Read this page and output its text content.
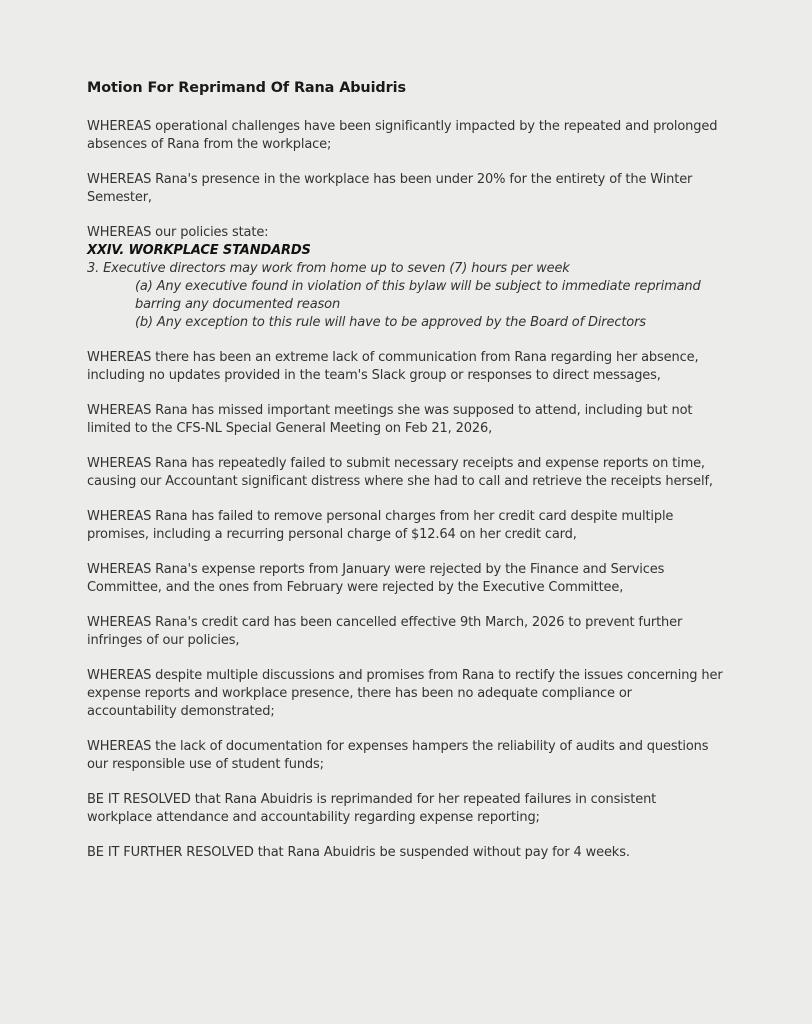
Motion For Reprimand Of Rana Abuidris

WHEREAS operational challenges have been significantly impacted by the repeated and prolonged absences of Rana from the workplace;

WHEREAS Rana's presence in the workplace has been under 20% for the entirety of the Winter Semester,

WHEREAS our policies state:

XXIV. WORKPLACE STANDARDS

3. Executive directors may work from home up to seven (7) hours per week

(a) Any executive found in violation of this bylaw will be subject to immediate reprimand barring any documented reason

(b) Any exception to this rule will have to be approved by the Board of Directors

WHEREAS there has been an extreme lack of communication from Rana regarding her absence, including no updates provided in the team's Slack group or responses to direct messages,

WHEREAS Rana has missed important meetings she was supposed to attend, including but not limited to the CFS-NL Special General Meeting on Feb 21, 2026,

WHEREAS Rana has repeatedly failed to submit necessary receipts and expense reports on time, causing our Accountant significant distress where she had to call and retrieve the receipts herself,

WHEREAS Rana has failed to remove personal charges from her credit card despite multiple promises, including a recurring personal charge of $12.64 on her credit card,

WHEREAS Rana's expense reports from January were rejected by the Finance and Services Committee, and the ones from February were rejected by the Executive Committee,

WHEREAS Rana's credit card has been cancelled effective 9th March, 2026 to prevent further infringes of our policies,

WHEREAS despite multiple discussions and promises from Rana to rectify the issues concerning her expense reports and workplace presence, there has been no adequate compliance or accountability demonstrated;

WHEREAS the lack of documentation for expenses hampers the reliability of audits and questions our responsible use of student funds;

BE IT RESOLVED that Rana Abuidris is reprimanded for her repeated failures in consistent workplace attendance and accountability regarding expense reporting;

BE IT FURTHER RESOLVED that Rana Abuidris be suspended without pay for 4 weeks.
